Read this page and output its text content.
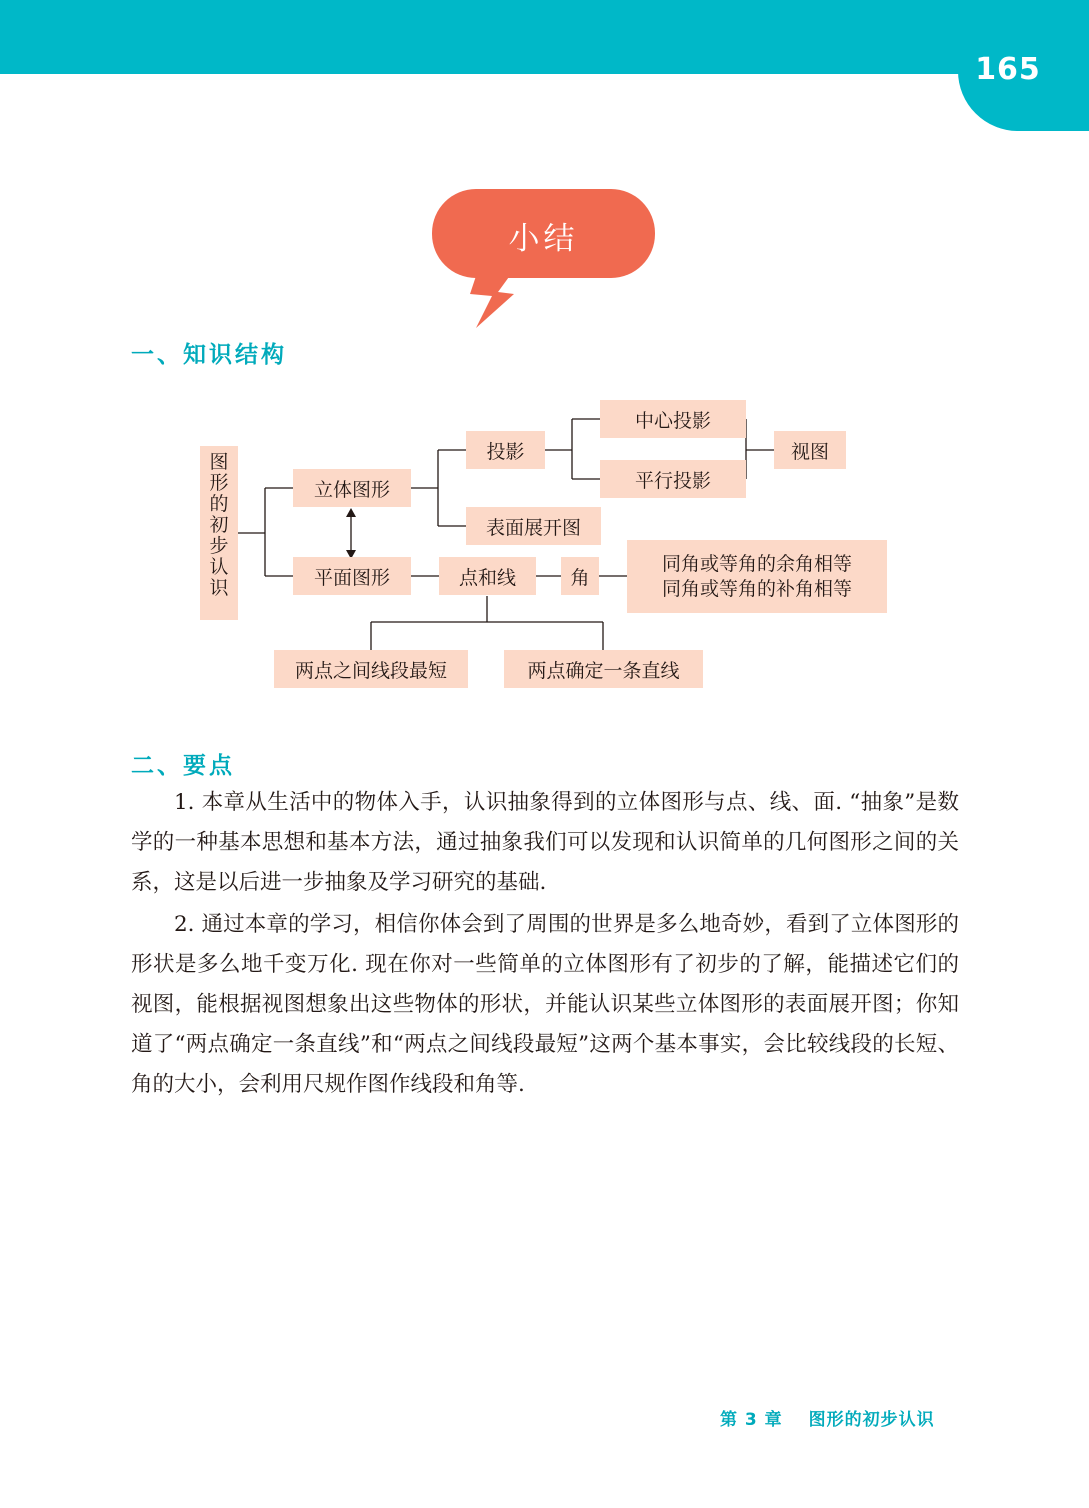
165
小结
一、知识结构
图
形
的
初
步
认
识
立体图形
平面图形
投影
中心投影
平行投影
视图
表面展开图
点和线	角
同角或等角的余角相等
同角或等角的补角相等
两点之间线段最短	两点确定一条直线
二、要点

1. 本章从生活中的物体入手，认识抽象得到的立体图形与点、线、面. “抽象”是数学的一种基本思想和基本方法，通过抽象我们可以发现和认识简单的几何图形之间的关系，这是以后进一步抽象及学习研究的基础.

2. 通过本章的学习，相信你体会到了周围的世界是多么地奇妙，看到了立体图形的形状是多么地千变万化. 现在你对一些简单的立体图形有了初步的了解，能描述它们的视图，能根据视图想象出这些物体的形状，并能认识某些立体图形的表面展开图；你知道了“两点确定一条直线”和“两点之间线段最短”这两个基本事实，会比较线段的长短、角的大小，会利用尺规作图作线段和角等.

第 3 章 图形的初步认识
